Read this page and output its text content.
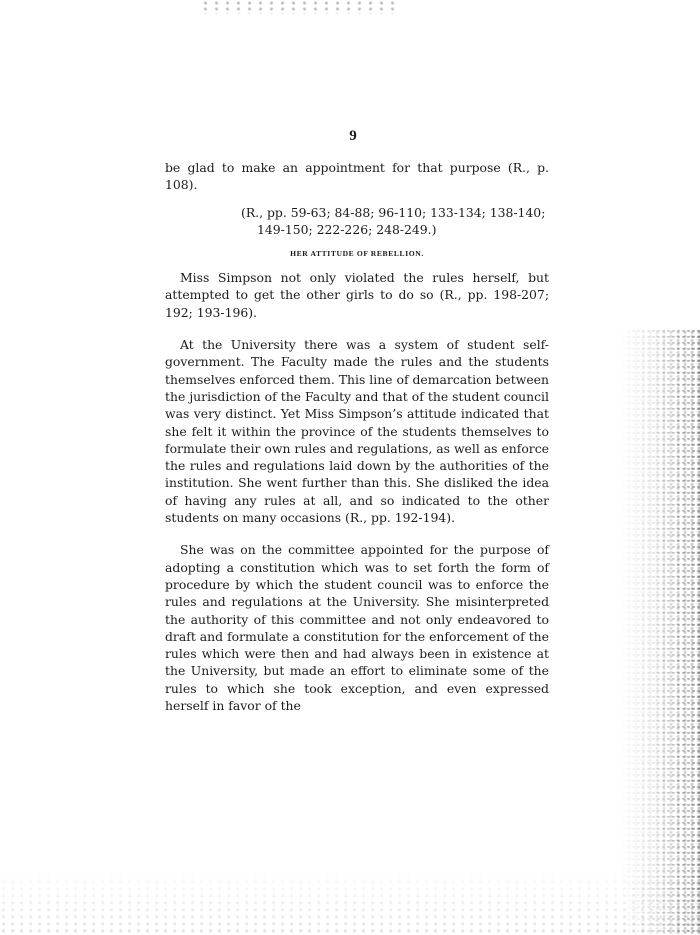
9

be glad to make an appointment for that purpose (R., p. 108).

(R., pp. 59-63; 84-88; 96-110; 133-134; 138-140; 149-150; 222-226; 248-249.)

HER ATTITUDE OF REBELLION.

Miss Simpson not only violated the rules herself, but attempted to get the other girls to do so (R., pp. 198-207; 192; 193-196).

At the University there was a system of student self-government. The Faculty made the rules and the students themselves enforced them. This line of demarcation between the jurisdiction of the Faculty and that of the student council was very distinct. Yet Miss Simpson’s attitude indicated that she felt it within the province of the students themselves to formulate their own rules and regulations, as well as enforce the rules and regulations laid down by the authorities of the institution. She went further than this. She disliked the idea of having any rules at all, and so indicated to the other students on many occasions (R., pp. 192-194).

She was on the committee appointed for the purpose of adopting a constitution which was to set forth the form of procedure by which the student council was to enforce the rules and regulations at the University. She misinterpreted the authority of this committee and not only endeavored to draft and formulate a constitution for the enforcement of the rules which were then and had always been in existence at the University, but made an effort to eliminate some of the rules to which she took exception, and even expressed herself in favor of the
